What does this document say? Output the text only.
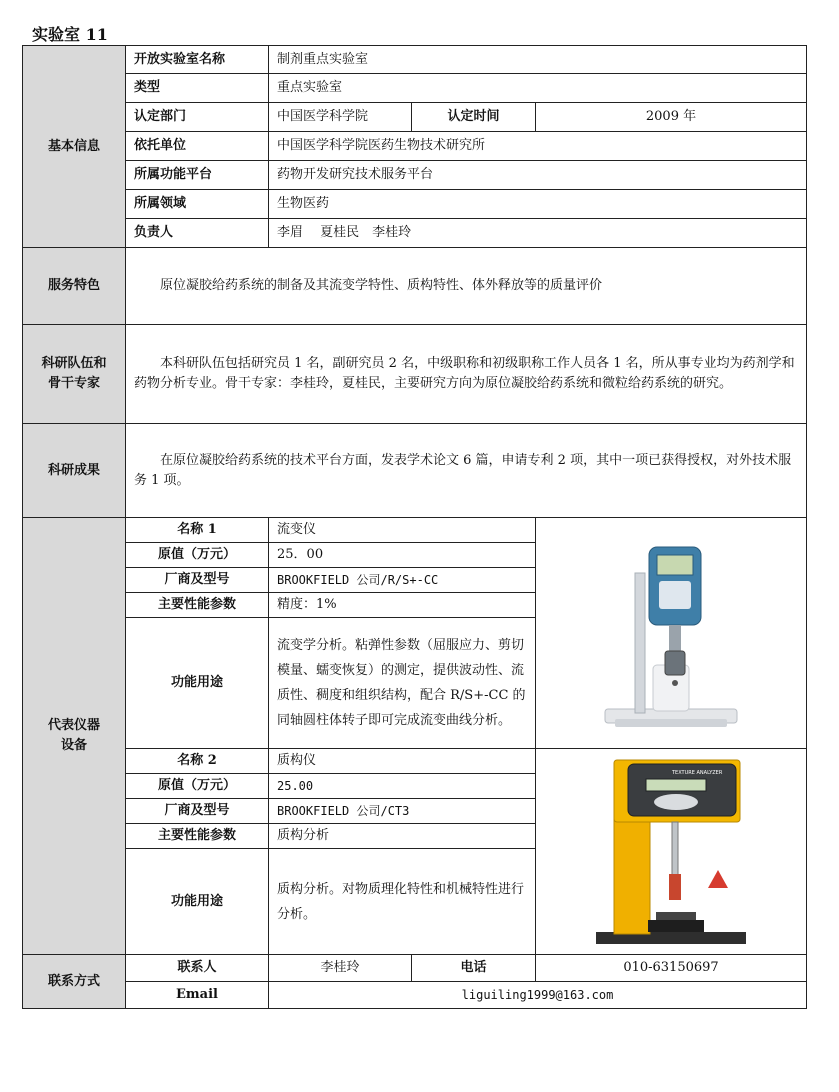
实验室 11
基本信息	开放实验室名称	制剂重点实验室		
	类型	重点实验室		
	认定部门	中国医学科学院	认定时间	2009 年
	依托单位	中国医学科学院医药生物技术研究所		
	所属功能平台	药物开发研究技术服务平台		
	所属领域	生物医药		
	负责人	李眉　 夏桂民　李桂玲		
服务特色	原位凝胶给药系统的制备及其流变学特性、质构特性、体外释放等的质量评价			

科研队伍和
骨干专家	本科研队伍包括研究员 1 名，副研究员 2 名，中级职称和初级职称工作人员各 1 名，所从事专业均为药剂学和药物分析专业。骨干专家：李桂玲，夏桂民，主要研究方向为原位凝胶给药系统和微粒给药系统的研究。			
科研成果	在原位凝胶给药系统的技术平台方面，发表学术论文 6 篇，申请专利 2 项，其中一项已获得授权，对外技术服务 1 项。			

代表仪器
设备	名称 1	流变仪	

	原值（万元）	25．00		
	厂商及型号	BROOKFIELD 公司/R/S+-CC		
	主要性能参数	精度：1%		
	功能用途	流变学分析。粘弹性参数（屈服应力、剪切模量、蠕变恢复）的测定，提供波动性、流质性、稠度和组织结构，配合 R/S+-CC 的同轴圆柱体转子即可完成流变曲线分析。		
	名称 2	质构仪		TEXTURE ANALYZER

	原值（万元）	25.00		
	厂商及型号	BROOKFIELD 公司/CT3		
	主要性能参数	质构分析		
	功能用途	质构分析。对物质理化特性和机械特性进行分析。		
联系方式	联系人	李桂玲	电话	010-63150697
	Email	liguiling1999@163.com		
